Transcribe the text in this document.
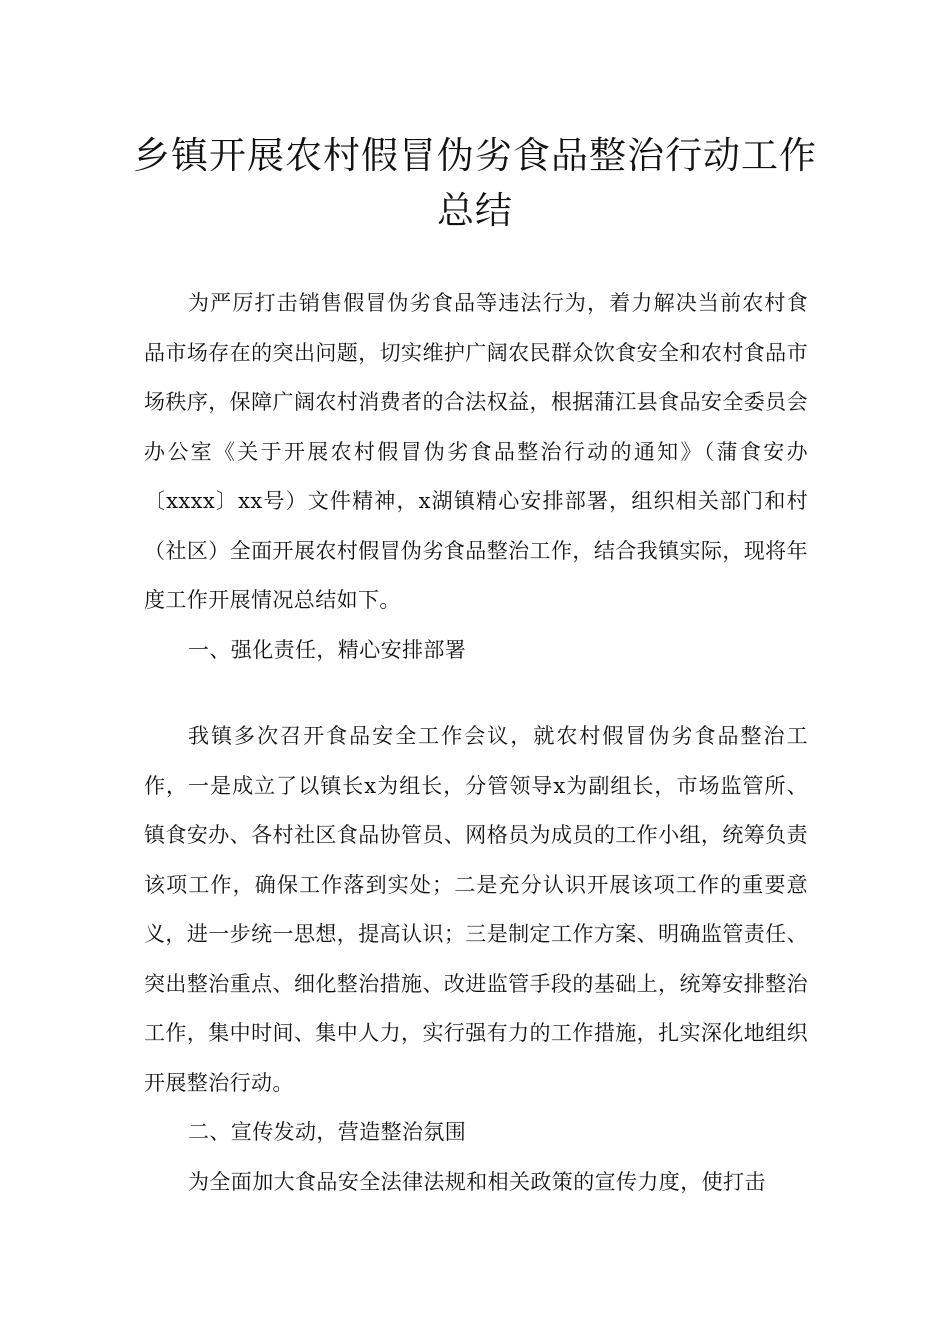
乡镇开展农村假冒伪劣食品整治行动工作总结

为严厉打击销售假冒伪劣食品等违法行为，着力解决当前农村食品市场存在的突出问题，切实维护广阔农民群众饮食安全和农村食品市场秩序，保障广阔农村消费者的合法权益，根据蒲江县食品安全委员会办公室《关于开展农村假冒伪劣食品整治行动的通知》（蒲食安办〔xxxx〕xx号）文件精神，x湖镇精心安排部署，组织相关部门和村（社区）全面开展农村假冒伪劣食品整治工作，结合我镇实际，现将年度工作开展情况总结如下。

一、强化责任，精心安排部署

我镇多次召开食品安全工作会议，就农村假冒伪劣食品整治工作，一是成立了以镇长x为组长，分管领导x为副组长，市场监管所、镇食安办、各村社区食品协管员、网格员为成员的工作小组，统筹负责该项工作，确保工作落到实处；二是充分认识开展该项工作的重要意义，进一步统一思想，提高认识；三是制定工作方案、明确监管责任、突出整治重点、细化整治措施、改进监管手段的基础上，统筹安排整治工作，集中时间、集中人力，实行强有力的工作措施，扎实深化地组织开展整治行动。

二、宣传发动，营造整治氛围

为全面加大食品安全法律法规和相关政策的宣传力度，使打击
